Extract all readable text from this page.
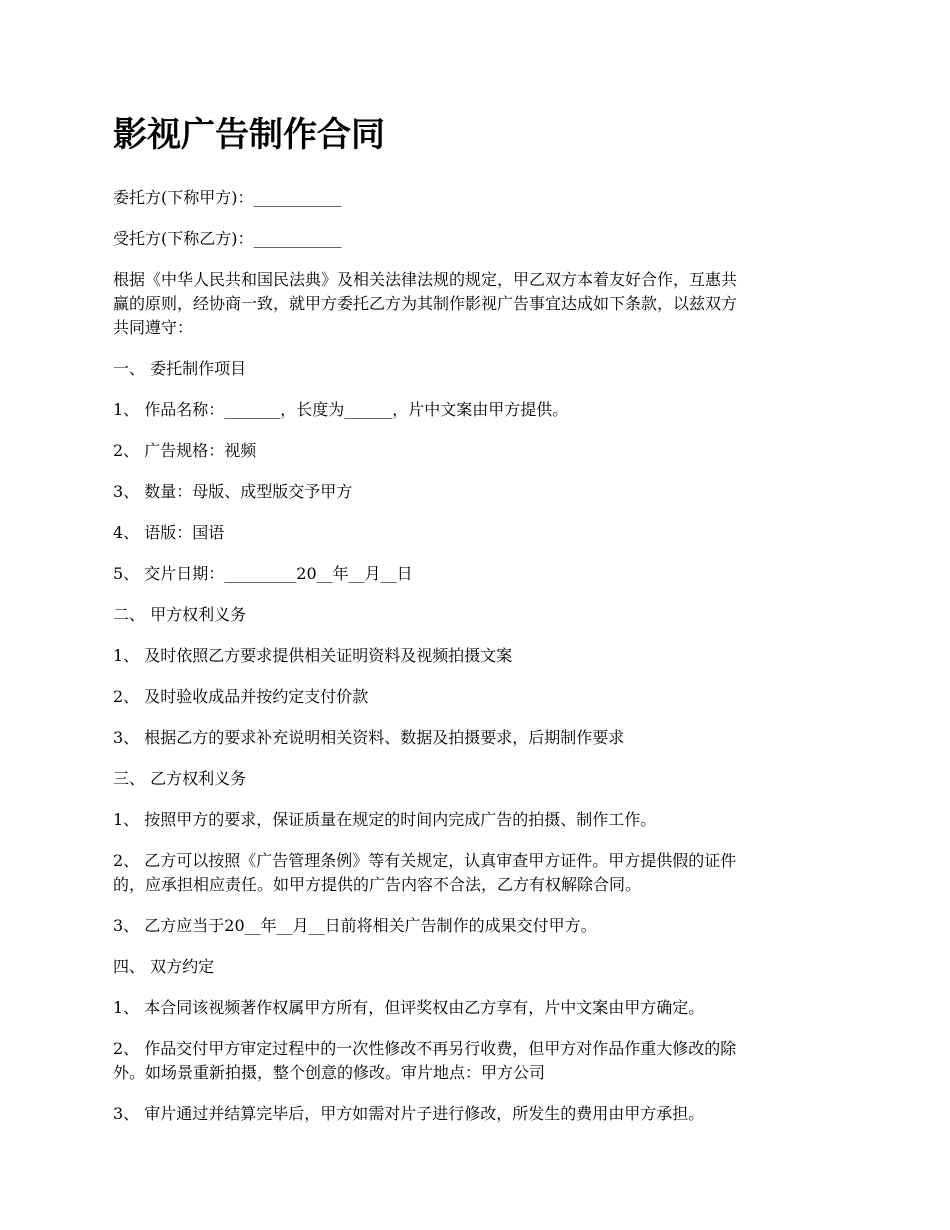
影视广告制作合同

委托方(下称甲方)：___________

受托方(下称乙方)：___________

根据《中华人民共和国民法典》及相关法律法规的规定，甲乙双方本着友好合作，互惠共
赢的原则，经协商一致，就甲方委托乙方为其制作影视广告事宜达成如下条款，以兹双方
共同遵守：

一、 委托制作项目

1、 作品名称：_______，长度为______，片中文案由甲方提供。

2、 广告规格：视频

3、 数量：母版、成型版交予甲方

4、 语版：国语

5、 交片日期：_________20__年__月__日

二、 甲方权利义务

1、 及时依照乙方要求提供相关证明资料及视频拍摄文案

2、 及时验收成品并按约定支付价款

3、 根据乙方的要求补充说明相关资料、数据及拍摄要求，后期制作要求

三、 乙方权利义务

1、 按照甲方的要求，保证质量在规定的时间内完成广告的拍摄、制作工作。

2、 乙方可以按照《广告管理条例》等有关规定，认真审查甲方证件。甲方提供假的证件
的，应承担相应责任。如甲方提供的广告内容不合法，乙方有权解除合同。

3、 乙方应当于20__年__月__日前将相关广告制作的成果交付甲方。

四、 双方约定

1、 本合同该视频著作权属甲方所有，但评奖权由乙方享有，片中文案由甲方确定。

2、 作品交付甲方审定过程中的一次性修改不再另行收费，但甲方对作品作重大修改的除
外。如场景重新拍摄，整个创意的修改。审片地点：甲方公司

3、 审片通过并结算完毕后，甲方如需对片子进行修改，所发生的费用由甲方承担。
